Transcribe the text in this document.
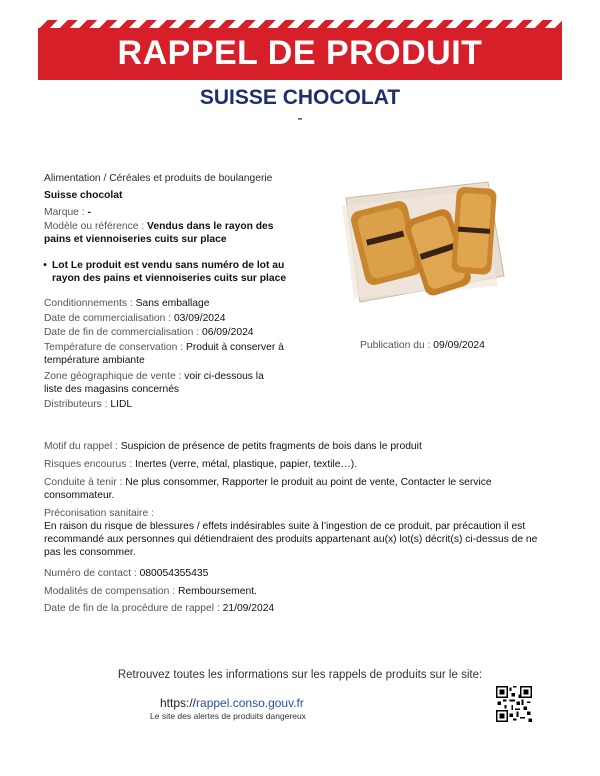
RAPPEL DE PRODUIT
SUISSE CHOCOLAT
-
Alimentation / Céréales et produits de boulangerie
Suisse chocolat
Marque : -
Modèle ou référence : Vendus dans le rayon des pains et viennoiseries cuits sur place
• Lot Le produit est vendu sans numéro de lot au rayon des pains et viennoiseries cuits sur place
Conditionnements : Sans emballage
Date de commercialisation : 03/09/2024
Date de fin de commercialisation : 06/09/2024
Température de conservation : Produit à conserver à température ambiante
Zone géographique de vente : voir ci-dessous la liste des magasins concernés
Distributeurs : LIDL
Publication du : 09/09/2024
Motif du rappel : Suspicion de présence de petits fragments de bois dans le produit
Risques encourus : Inertes (verre, métal, plastique, papier, textile…).
Conduite à tenir : Ne plus consommer, Rapporter le produit au point de vente, Contacter le service consommateur.
Préconisation sanitaire :
En raison du risque de blessures / effets indésirables suite à l’ingestion de ce produit, par précaution il est recommandé aux personnes qui détiendraient des produits appartenant au(x) lot(s) décrit(s) ci-dessus de ne pas les consommer.
Numéro de contact : 080054355435
Modalités de compensation : Remboursement.
Date de fin de la procédure de rappel : 21/09/2024
Retrouvez toutes les informations sur les rappels de produits sur le site:
https://rappel.conso.gouv.fr
Le site des alertes de produits dangereux
